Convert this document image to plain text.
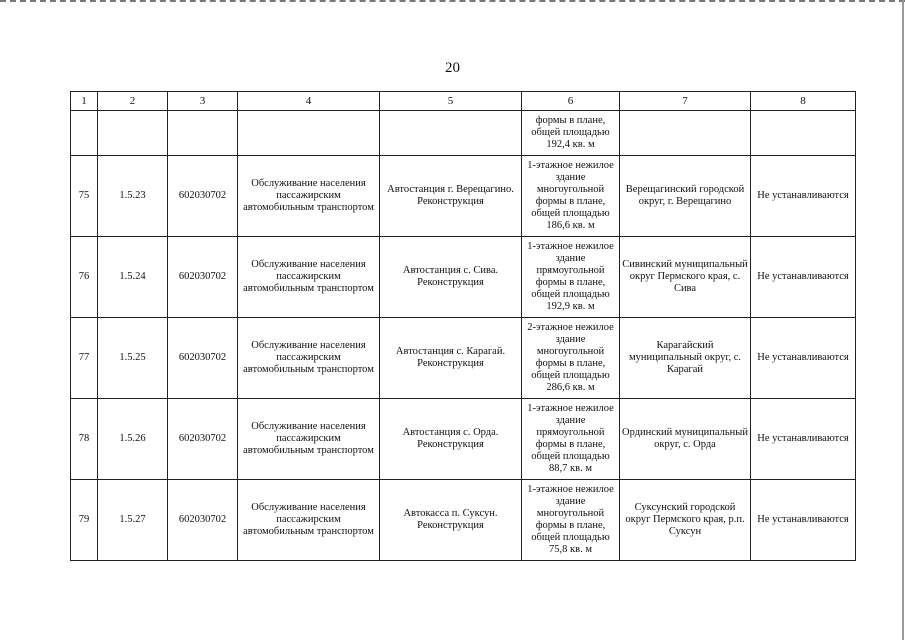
20
1	2	3	4	5	6	7	8
					формы в плане, общей площадью 192,4 кв. м		
75	1.5.23	602030702	Обслуживание населения пассажирским автомобильным транспортом	Автостанция г. Верещагино. Реконструкция	1-этажное нежилое здание многоугольной формы в плане, общей площадью 186,6 кв. м	Верещагинский городской округ, г. Верещагино	Не устанавливаются
76	1.5.24	602030702	Обслуживание населения пассажирским автомобильным транспортом	Автостанция с. Сива. Реконструкция	1-этажное нежилое здание прямоугольной формы в плане, общей площадью 192,9 кв. м	Сивинский муниципальный округ Пермского края, с. Сива	Не устанавливаются
77	1.5.25	602030702	Обслуживание населения пассажирским автомобильным транспортом	Автостанция с. Карагай. Реконструкция	2-этажное нежилое здание многоугольной формы в плане, общей площадью 286,6 кв. м	Карагайский муниципальный округ, с. Карагай	Не устанавливаются
78	1.5.26	602030702	Обслуживание населения пассажирским автомобильным транспортом	Автостанция с. Орда. Реконструкция	1-этажное нежилое здание прямоугольной формы в плане, общей площадью 88,7 кв. м	Ординский муниципальный округ, с. Орда	Не устанавливаются
79	1.5.27	602030702	Обслуживание населения пассажирским автомобильным транспортом	Автокасса п. Суксун. Реконструкция	1-этажное нежилое здание многоугольной формы в плане, общей площадью 75,8 кв. м	Суксунский городской округ Пермского края, р.п. Суксун	Не устанавливаются
